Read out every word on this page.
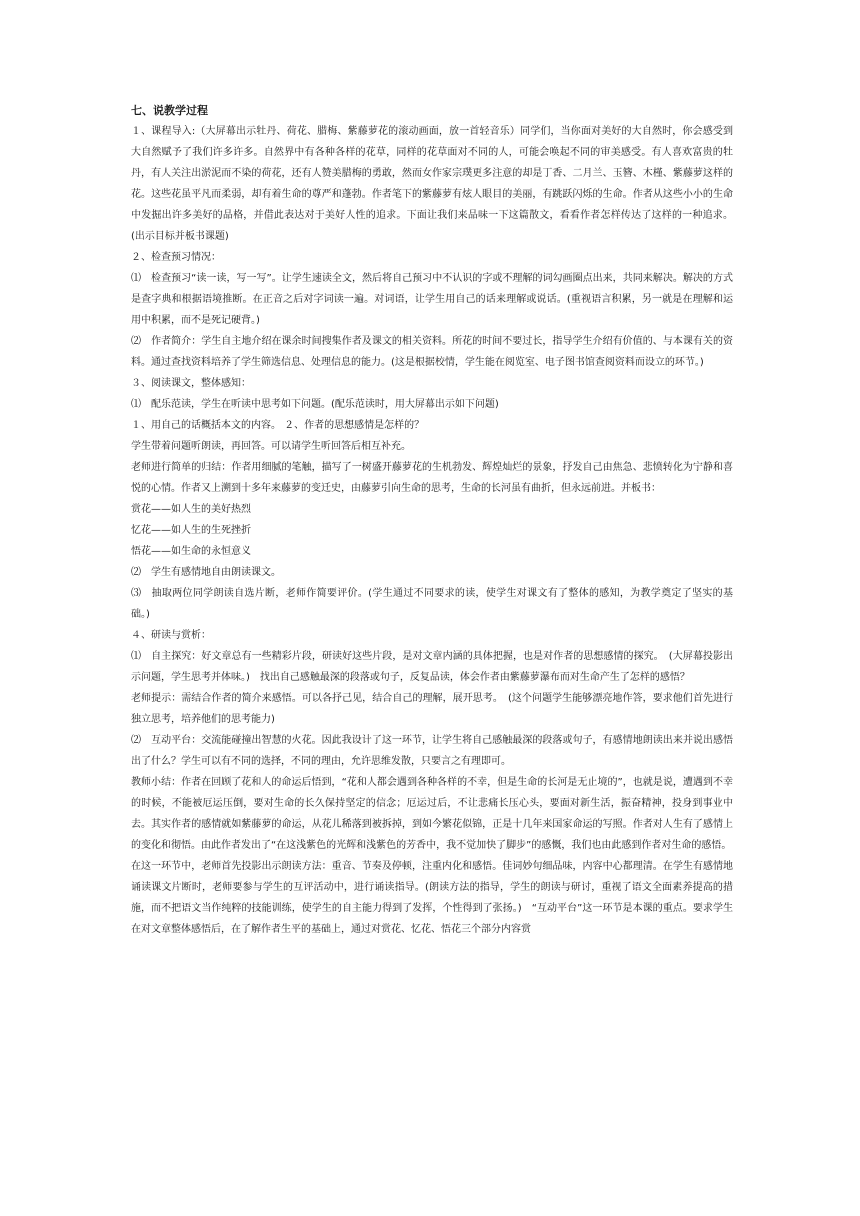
七、说教学过程

１、课程导入:（大屏幕出示牡丹、荷花、腊梅、紫藤萝花的滚动画面，放一首轻音乐）同学们，当你面对美好的大自然时，你会感受到大自然赋予了我们许多许多。自然界中有各种各样的花草，同样的花草面对不同的人，可能会唤起不同的审美感受。有人喜欢富贵的牡丹，有人关注出淤泥而不染的荷花，还有人赞美腊梅的勇敢，然而女作家宗璞更多注意的却是丁香、二月兰、玉簪、木槿、紫藤萝这样的花。这些花虽平凡而柔弱，却有着生命的尊严和蓬勃。作者笔下的紫藤萝有炫人眼目的美丽，有跳跃闪烁的生命。作者从这些小小的生命中发掘出许多美好的品格，并借此表达对于美好人性的追求。下面让我们来品味一下这篇散文，看看作者怎样传达了这样的一种追求。(出示目标并板书课题)

２、检查预习情况：

⑴　检查预习“读一读，写一写”。让学生速读全文，然后将自己预习中不认识的字或不理解的词勾画圈点出来，共同来解决。解决的方式是查字典和根据语境推断。在正音之后对字词读一遍。对词语，让学生用自己的话来理解或说话。(重视语言积累，另一就是在理解和运用中积累，而不是死记硬背。)

⑵　作者简介：学生自主地介绍在课余时间搜集作者及课文的相关资料。所花的时间不要过长，指导学生介绍有价值的、与本课有关的资料。通过查找资料培养了学生筛选信息、处理信息的能力。(这是根据校情，学生能在阅览室、电子图书馆查阅资料而设立的环节。)

３、阅读课文，整体感知：

⑴　配乐范读，学生在听读中思考如下问题。(配乐范读时，用大屏幕出示如下问题)

１、用自己的话概括本文的内容。 ２、作者的思想感情是怎样的？

学生带着问题听朗读，再回答。可以请学生听回答后相互补充。

老师进行简单的归结：作者用细腻的笔触，描写了一树盛开藤萝花的生机勃发、辉煌灿烂的景象，抒发自己由焦急、悲愤转化为宁静和喜悦的心情。作者又上溯到十多年来藤萝的变迁史，由藤萝引向生命的思考，生命的长河虽有曲折，但永远前进。并板书：

赏花——如人生的美好热烈

忆花——如人生的生死挫折

悟花——如生命的永恒意义

⑵　学生有感情地自由朗读课文。

⑶　抽取两位同学朗读自选片断，老师作简要评价。(学生通过不同要求的读，使学生对课文有了整体的感知，为教学奠定了坚实的基础。)

４、研读与赏析：

⑴　自主探究：好文章总有一些精彩片段，研读好这些片段，是对文章内涵的具体把握，也是对作者的思想感情的探究。　(大屏幕投影出示问题，学生思考并体味。)　找出自己感触最深的段落或句子，反复品读，体会作者由紫藤萝瀑布而对生命产生了怎样的感悟？

老师提示：需结合作者的简介来感悟。可以各抒己见，结合自己的理解，展开思考。　(这个问题学生能够漂亮地作答，要求他们首先进行独立思考，培养他们的思考能力)

⑵　互动平台：交流能碰撞出智慧的火花。因此我设计了这一环节，让学生将自己感触最深的段落或句子，有感情地朗读出来并说出感悟出了什么？学生可以有不同的选择，不同的理由，允许思维发散，只要言之有理即可。

教师小结：作者在回顾了花和人的命运后悟到，“花和人都会遇到各种各样的不幸，但是生命的长河是无止境的”，也就是说，遭遇到不幸的时候，不能被厄运压倒，要对生命的长久保持坚定的信念；厄运过后，不让悲痛长压心头，要面对新生活，振奋精神，投身到事业中去。其实作者的感情就如紫藤萝的命运，从花儿稀落到被拆掉，到如今繁花似锦，正是十几年来国家命运的写照。作者对人生有了感情上的变化和彻悟。由此作者发出了“在这浅紫色的光辉和浅紫色的芳香中，我不觉加快了脚步”的感慨，我们也由此感到作者对生命的感悟。

在这一环节中，老师首先投影出示朗读方法：重音、节奏及停顿，注重内化和感悟。佳词妙句细品味，内容中心都理清。在学生有感情地诵读课文片断时，老师要参与学生的互评活动中，进行诵读指导。(朗读方法的指导，学生的朗读与研讨，重视了语文全面素养提高的措施，而不把语文当作纯粹的技能训练，使学生的自主能力得到了发挥，个性得到了张扬。)　“互动平台”这一环节是本课的重点。要求学生在对文章整体感悟后，在了解作者生平的基础上，通过对赏花、忆花、悟花三个部分内容赏
